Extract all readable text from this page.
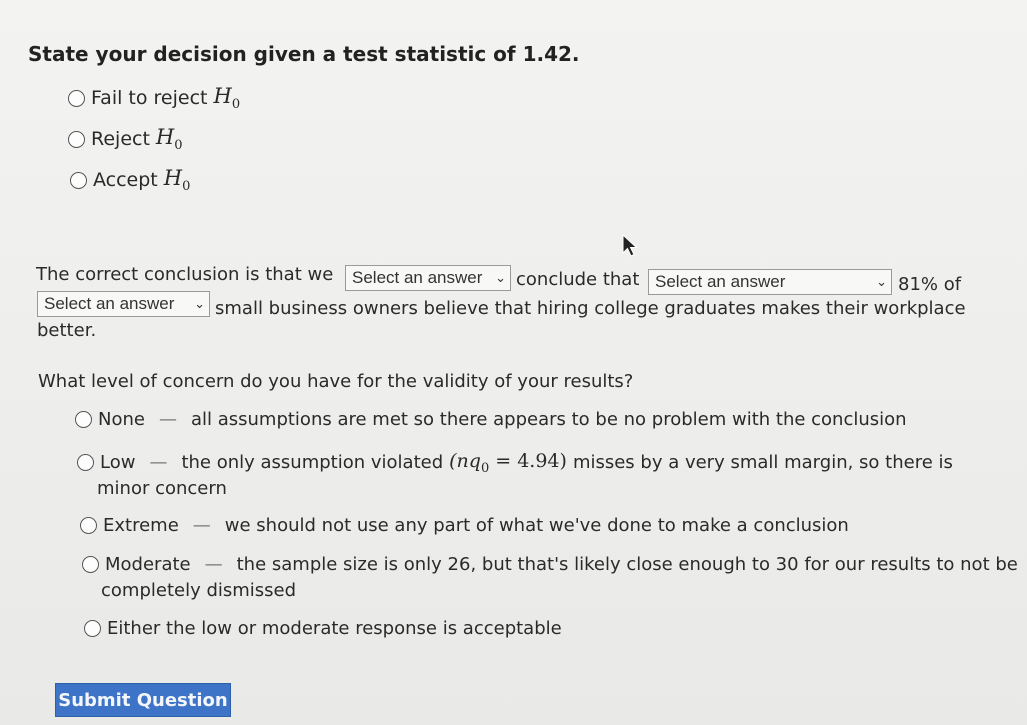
State your decision given a test statistic of 1.42.
Fail to reject $H_0$
Reject $H_0$
Accept $H_0$
The correct conclusion is that we Select an answer ⌄ conclude that Select an answer	⌄ 81% of
Select an answer ⌄ small business owners believe that hiring college graduates makes their workplace
better.
What level of concern do you have for the validity of your results?
None — all assumptions are met so there appears to be no problem with the conclusion
Low — the only assumption violated $(nq_0 = 4.94)$ misses by a very small margin, so there is
minor concern
Extreme — we should not use any part of what we've done to make a conclusion
Moderate — the sample size is only 26, but that's likely close enough to 30 for our results to not be
completely dismissed
Either the low or moderate response is acceptable
Submit Question
